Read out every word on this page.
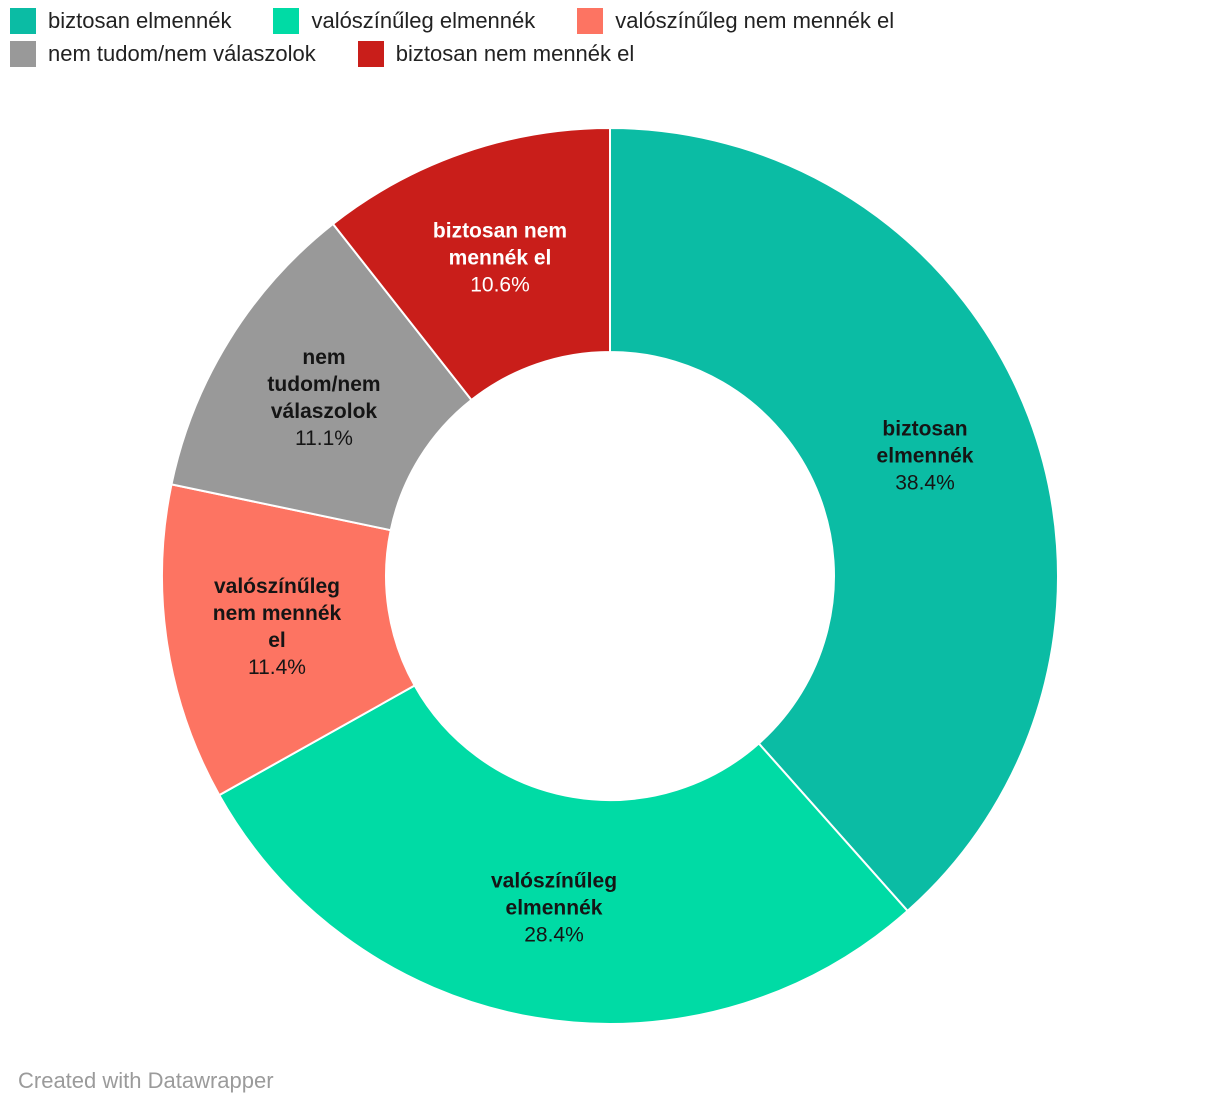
biztosan elmennék	valószínűleg elmennék	valószínűleg nem mennék el
nem tudom/nem válaszolok	biztosan nem mennék el
biztosan
elmennék
38.4%
valószínűleg
elmennék
28.4%
valószínűleg
nem mennék
el
11.4%
nem
tudom/nem
válaszolok
11.1%
biztosan nem
mennék el
10.6%
Created with Datawrapper
